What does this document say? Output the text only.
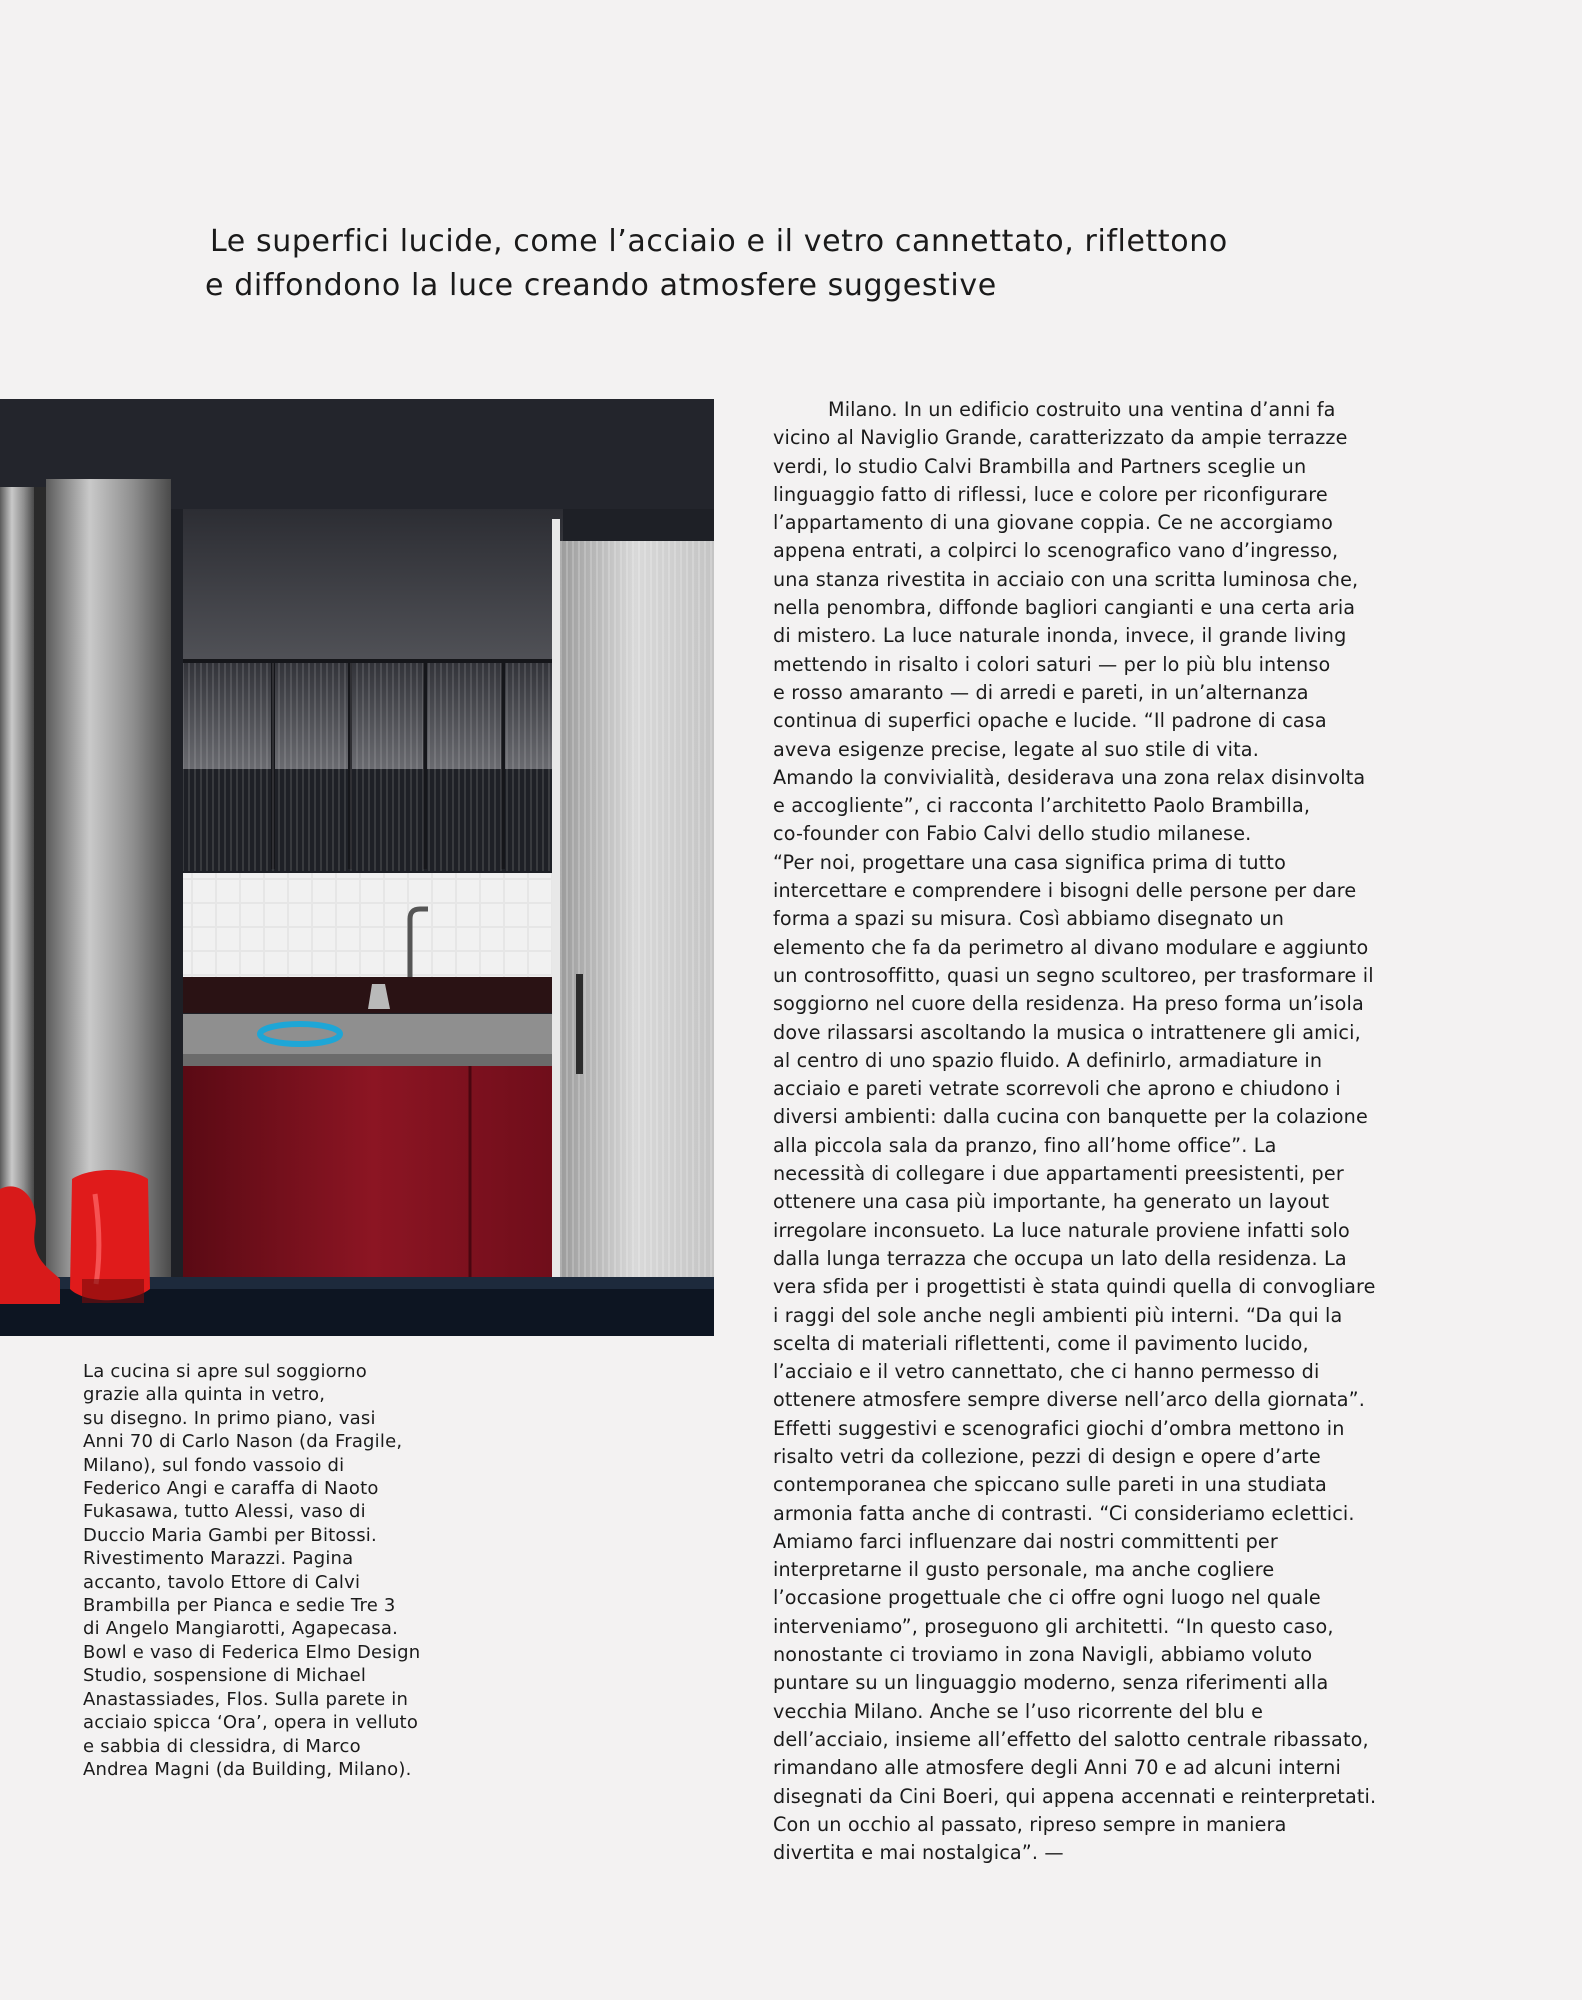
Le superfici lucide, come l’acciaio e il vetro cannettato, riflettono
e diffondono la luce creando atmosfere suggestive
La cucina si apre sul soggiorno
grazie alla quinta in vetro,
su disegno. In primo piano, vasi
Anni 70 di Carlo Nason (da Fragile,
Milano), sul fondo vassoio di
Federico Angi e caraffa di Naoto
Fukasawa, tutto Alessi, vaso di
Duccio Maria Gambi per Bitossi.
Rivestimento Marazzi. Pagina
accanto, tavolo Ettore di Calvi
Brambilla per Pianca e sedie Tre 3
di Angelo Mangiarotti, Agapecasa.
Bowl e vaso di Federica Elmo Design
Studio, sospensione di Michael
Anastassiades, Flos. Sulla parete in
acciaio spicca ‘Ora’, opera in velluto
e sabbia di clessidra, di Marco
Andrea Magni (da Building, Milano).
Milano. In un edificio costruito una ventina d’anni fa
vicino al Naviglio Grande, caratterizzato da ampie terrazze
verdi, lo studio Calvi Brambilla and Partners sceglie un
linguaggio fatto di riflessi, luce e colore per riconfigurare
l’appartamento di una giovane coppia. Ce ne accorgiamo
appena entrati, a colpirci lo scenografico vano d’ingresso,
una stanza rivestita in acciaio con una scritta luminosa che,
nella penombra, diffonde bagliori cangianti e una certa aria
di mistero. La luce naturale inonda, invece, il grande living
mettendo in risalto i colori saturi — per lo più blu intenso
e rosso amaranto — di arredi e pareti, in un’alternanza
continua di superfici opache e lucide. “Il padrone di casa
aveva esigenze precise, legate al suo stile di vita.
Amando la convivialità, desiderava una zona relax disinvolta
e accogliente”, ci racconta l’architetto Paolo Brambilla,
co-founder con Fabio Calvi dello studio milanese.
“Per noi, progettare una casa significa prima di tutto
intercettare e comprendere i bisogni delle persone per dare
forma a spazi su misura. Così abbiamo disegnato un
elemento che fa da perimetro al divano modulare e aggiunto
un controsoffitto, quasi un segno scultoreo, per trasformare il
soggiorno nel cuore della residenza. Ha preso forma un’isola
dove rilassarsi ascoltando la musica o intrattenere gli amici,
al centro di uno spazio fluido. A definirlo, armadiature in
acciaio e pareti vetrate scorrevoli che aprono e chiudono i
diversi ambienti: dalla cucina con banquette per la colazione
alla piccola sala da pranzo, fino all’home office”. La
necessità di collegare i due appartamenti preesistenti, per
ottenere una casa più importante, ha generato un layout
irregolare inconsueto. La luce naturale proviene infatti solo
dalla lunga terrazza che occupa un lato della residenza. La
vera sfida per i progettisti è stata quindi quella di convogliare
i raggi del sole anche negli ambienti più interni. “Da qui la
scelta di materiali riflettenti, come il pavimento lucido,
l’acciaio e il vetro cannettato, che ci hanno permesso di
ottenere atmosfere sempre diverse nell’arco della giornata”.
Effetti suggestivi e scenografici giochi d’ombra mettono in
risalto vetri da collezione, pezzi di design e opere d’arte
contemporanea che spiccano sulle pareti in una studiata
armonia fatta anche di contrasti. “Ci consideriamo eclettici.
Amiamo farci influenzare dai nostri committenti per
interpretarne il gusto personale, ma anche cogliere
l’occasione progettuale che ci offre ogni luogo nel quale
interveniamo”, proseguono gli architetti. “In questo caso,
nonostante ci troviamo in zona Navigli, abbiamo voluto
puntare su un linguaggio moderno, senza riferimenti alla
vecchia Milano. Anche se l’uso ricorrente del blu e
dell’acciaio, insieme all’effetto del salotto centrale ribassato,
rimandano alle atmosfere degli Anni 70 e ad alcuni interni
disegnati da Cini Boeri, qui appena accennati e reinterpretati.
Con un occhio al passato, ripreso sempre in maniera
divertita e mai nostalgica”. —
